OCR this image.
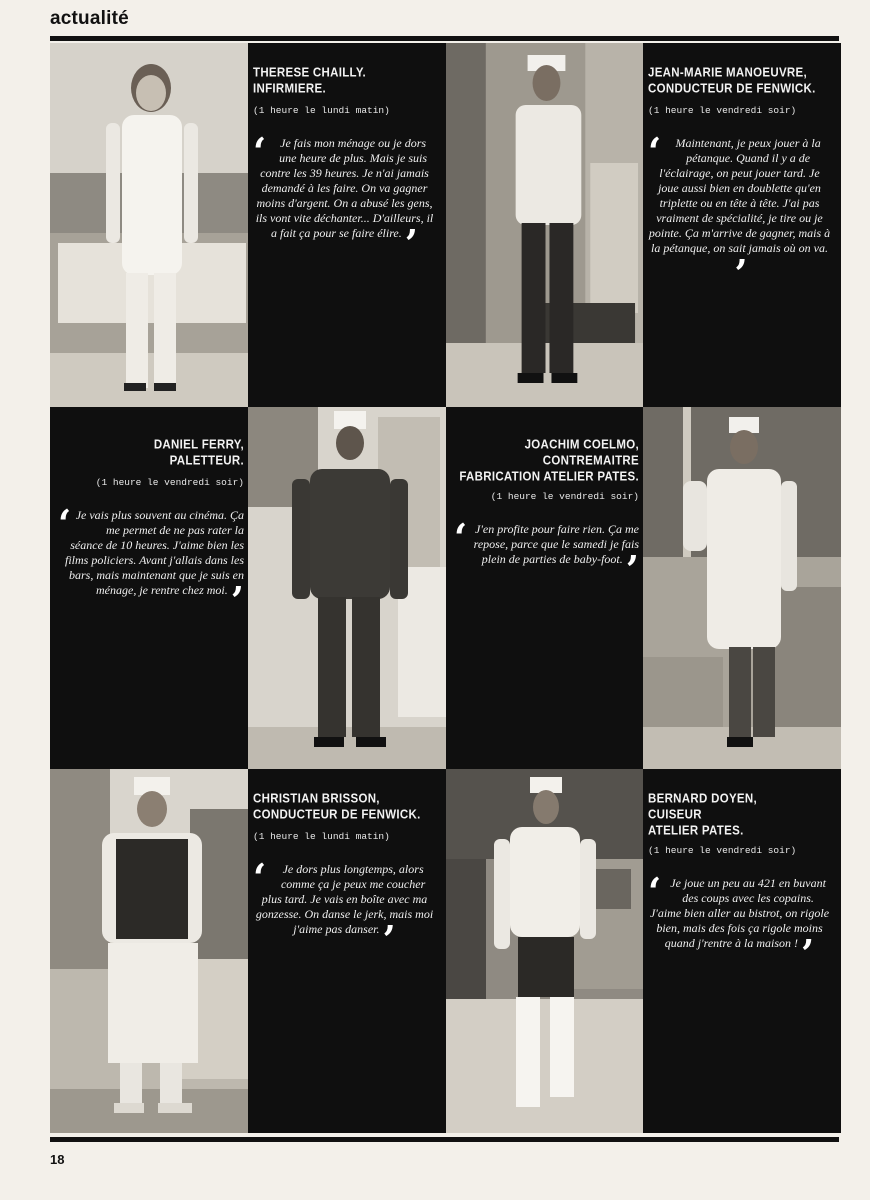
actualité
THERESE CHAILLY.
INFIRMIERE.
(1 heure le lundi matin)
‘ Je fais mon ménage ou je dors une heure de plus. Mais je suis contre les 39 heures. Je n'ai jamais demandé à les faire. On va gagner moins d'argent. On a abusé les gens, ils vont vite déchanter... D'ailleurs, il a fait ça pour se faire élire.’
JEAN-MARIE MANOEUVRE,
CONDUCTEUR DE FENWICK.
(1 heure le vendredi soir)
‘ Maintenant, je peux jouer à la pétanque. Quand il y a de l'éclairage, on peut jouer tard. Je joue aussi bien en doublette qu'en triplette ou en tête à tête. J'ai pas vraiment de spécialité, je tire ou je pointe. Ça m'arrive de gagner, mais à la pétanque, on sait jamais où on va.’
DANIEL FERRY,
PALETTEUR.
(1 heure le vendredi soir)
‘ Je vais plus souvent au cinéma. Ça me permet de ne pas rater la séance de 10 heures. J'aime bien les films policiers. Avant j'allais dans les bars, mais maintenant que je suis en ménage, je rentre chez moi.’
JOACHIM COELMO,
CONTREMAITRE
FABRICATION ATELIER PATES.
(1 heure le vendredi soir)
‘ J'en profite pour faire rien. Ça me repose, parce que le samedi je fais plein de parties de baby-foot.’
CHRISTIAN BRISSON,
CONDUCTEUR DE FENWICK.
(1 heure le lundi matin)
‘ Je dors plus longtemps, alors comme ça je peux me coucher plus tard. Je vais en boîte avec ma gonzesse. On danse le jerk, mais moi j'aime pas danser.’
BERNARD DOYEN,
CUISEUR
ATELIER PATES.
(1 heure le vendredi soir)
‘ Je joue un peu au 421 en buvant des coups avec les copains. J'aime bien aller au bistrot, on rigole bien, mais des fois ça rigole moins quand j'rentre à la maison !’
18
